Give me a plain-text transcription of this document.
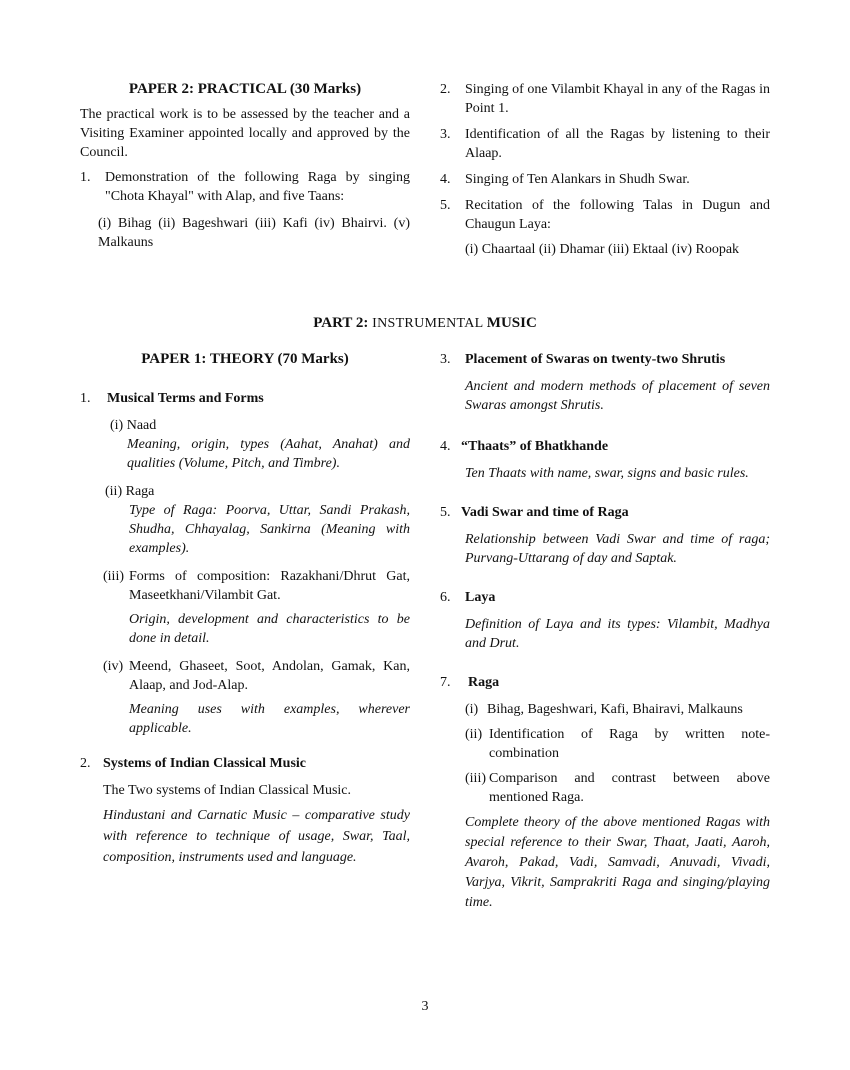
PAPER 2: PRACTICAL (30 Marks)

The practical work is to be assessed by the teacher and a Visiting Examiner appointed locally and approved by the Council.

1.	Demonstration of the following Raga by singing "Chota Khayal" with Alap, and five Taans:
(i) Bihag (ii) Bageshwari (iii) Kafi (iv) Bhairvi. (v) Malkauns
2.	Singing of one Vilambit Khayal in any of the Ragas in Point 1.
3.	Identification of all the Ragas by listening to their Alaap.
4.	Singing of Ten Alankars in Shudh Swar.
5.	Recitation of the following Talas in Dugun and Chaugun Laya:
(i) Chaartaal (ii) Dhamar (iii) Ektaal (iv) Roopak
PART 2: INSTRUMENTAL MUSIC
PAPER 1: THEORY (70 Marks)
1.	Musical Terms and Forms
(i) Naad
Meaning, origin, types (Aahat, Anahat) and qualities (Volume, Pitch, and Timbre).
(ii) Raga
Type of Raga: Poorva, Uttar, Sandi Prakash, Shudha, Chhayalag, Sankirna (Meaning with examples).
(iii) Forms of composition: Razakhani/Dhrut Gat, Maseetkhani/Vilambit Gat.
Origin, development and characteristics to be done in detail.
(iv) Meend, Ghaseet, Soot, Andolan, Gamak, Kan, Alaap, and Jod-Alap.
Meaning uses with examples, wherever applicable.
2. Systems of Indian Classical Music
The Two systems of Indian Classical Music.
Hindustani and Carnatic Music – comparative study with reference to technique of usage, Swar, Taal, composition, instruments used and language.
3.	Placement of Swaras on twenty-two Shrutis
Ancient and modern methods of placement of seven Swaras amongst Shrutis.
4. “Thaats” of Bhatkhande
Ten Thaats with name, swar, signs and basic rules.
5. Vadi Swar and time of Raga
Relationship between Vadi Swar and time of raga; Purvang-Uttarang of day and Saptak.
6.	Laya
Definition of Laya and its types: Vilambit, Madhya and Drut.
7.	Raga
(i) Bihag, Bageshwari, Kafi, Bhairavi, Malkauns
(ii) Identification of Raga by written note-combination
(iii) Comparison and contrast between above mentioned Raga.
Complete theory of the above mentioned Ragas with special reference to their Swar, Thaat, Jaati, Aaroh, Avaroh, Pakad, Vadi, Samvadi, Anuvadi, Vivadi, Varjya, Vikrit, Samprakriti Raga and singing/playing time.
3
